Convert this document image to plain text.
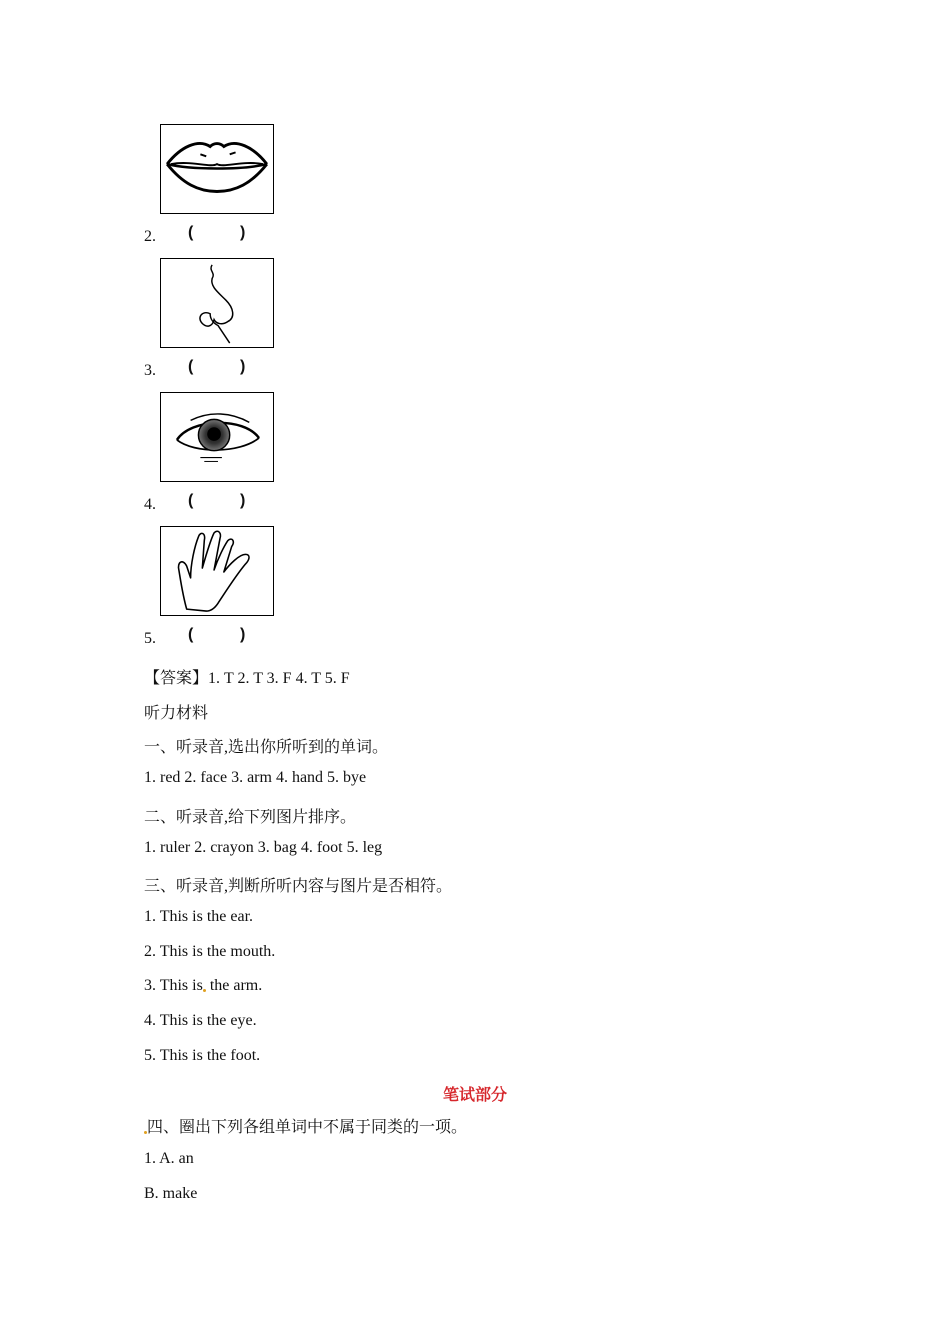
2. (	)
3. (	)
4. (	)
5. (	)
【答案】1. T 2. T 3. F 4. T 5. F
听力材料
一、听录音,选出你所听到的单词。
1. red 2. face 3. arm 4. hand 5. bye
二、听录音,给下列图片排序。
1. ruler 2. crayon 3. bag 4. foot 5. leg
三、听录音,判断所听内容与图片是否相符。
1. This is the ear.
2. This is the mouth.
3. This is the arm.
4. This is the eye.
5. This is the foot.
笔试部分
四、圈出下列各组单词中不属于同类的一项。
1. A. an
B. make
